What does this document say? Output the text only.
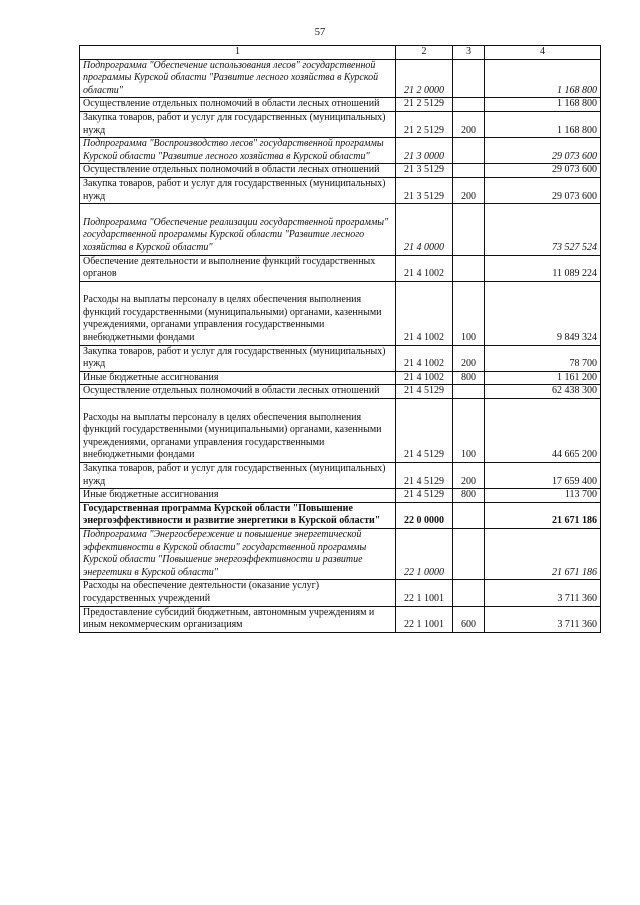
57
1	2	3	4
Подпрограмма "Обеспечение использования лесов" государственной программы Курской области "Развитие лесного хозяйства в Курской области"	21 2 0000		1 168 800
Осуществление отдельных полномочий в области лесных отношений	21 2 5129		1 168 800
Закупка товаров, работ и услуг для государственных (муниципальных) нужд	21 2 5129	200	1 168 800
Подпрограмма "Воспроизводство лесов" государственной программы Курской области "Развитие лесного хозяйства в Курской области"	21 3 0000		29 073 600
Осуществление отдельных полномочий в области лесных отношений	21 3 5129		29 073 600
Закупка товаров, работ и услуг для государственных (муниципальных) нужд	21 3 5129	200	29 073 600

Подпрограмма "Обеспечение реализации государственной программы" государственной программы Курской области "Развитие лесного хозяйства в Курской области"	21 4 0000		73 527 524
Обеспечение деятельности и выполнение функций государственных органов	21 4 1002		11 089 224

Расходы на выплаты персоналу в целях обеспечения выполнения функций государственными (муниципальными) органами, казенными учреждениями, органами управления государственными внебюджетными фондами	21 4 1002	100	9 849 324
Закупка товаров, работ и услуг для государственных (муниципальных) нужд	21 4 1002	200	78 700
Иные бюджетные ассигнования	21 4 1002	800	1 161 200
Осуществление отдельных полномочий в области лесных отношений	21 4 5129		62 438 300

Расходы на выплаты персоналу в целях обеспечения выполнения функций государственными (муниципальными) органами, казенными учреждениями, органами управления государственными внебюджетными фондами	21 4 5129	100	44 665 200
Закупка товаров, работ и услуг для государственных (муниципальных) нужд	21 4 5129	200	17 659 400
Иные бюджетные ассигнования	21 4 5129	800	113 700
Государственная программа Курской области "Повышение энергоэффективности и развитие энергетики в Курской области"	22 0 0000		21 671 186
Подпрограмма "Энергосбережение и повышение энергетической эффективности в Курской области" государственной программы Курской области "Повышение энергоэффективности и развитие энергетики в Курской области"	22 1 0000		21 671 186
Расходы на обеспечение деятельности (оказание услуг) государственных учреждений	22 1 1001		3 711 360
Предоставление субсидий бюджетным, автономным учреждениям и иным некоммерческим организациям	22 1 1001	600	3 711 360
